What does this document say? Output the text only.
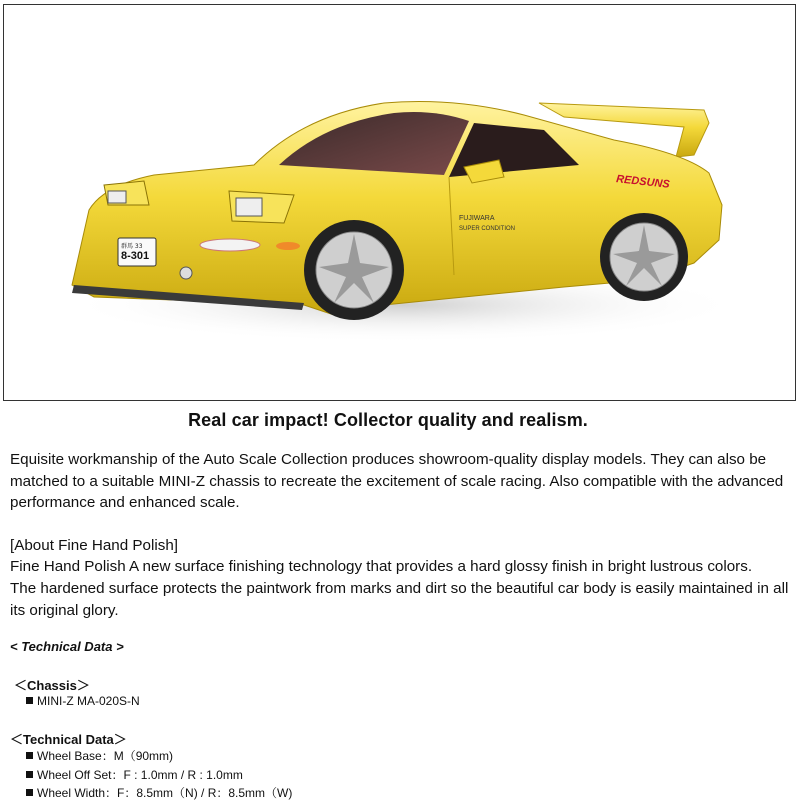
FUJIWARA
SUPER CONDITION
群馬 33
8-301
REDSUNS
Real car impact! Collector quality and realism.

Equisite workmanship of the Auto Scale Collection produces showroom-quality display models. They can also be matched to a suitable MINI-Z chassis to recreate the excitement of scale racing. Also compatible with the advanced performance and enhanced scale.

[About Fine Hand Polish]

Fine Hand Polish A new surface finishing technology that provides a hard glossy finish in bright lustrous colors.

The hardened surface protects the paintwork from marks and dirt so the beautiful car body is easily maintained in all its original glory.

< Technical Data >
＜Chassis＞
MINI-Z MA-020S-N
＜Technical Data＞
Wheel Base：M（90mm)
Wheel Off Set：F : 1.0mm / R : 1.0mm
Wheel Width：F：8.5mm（N) / R：8.5mm（W)
